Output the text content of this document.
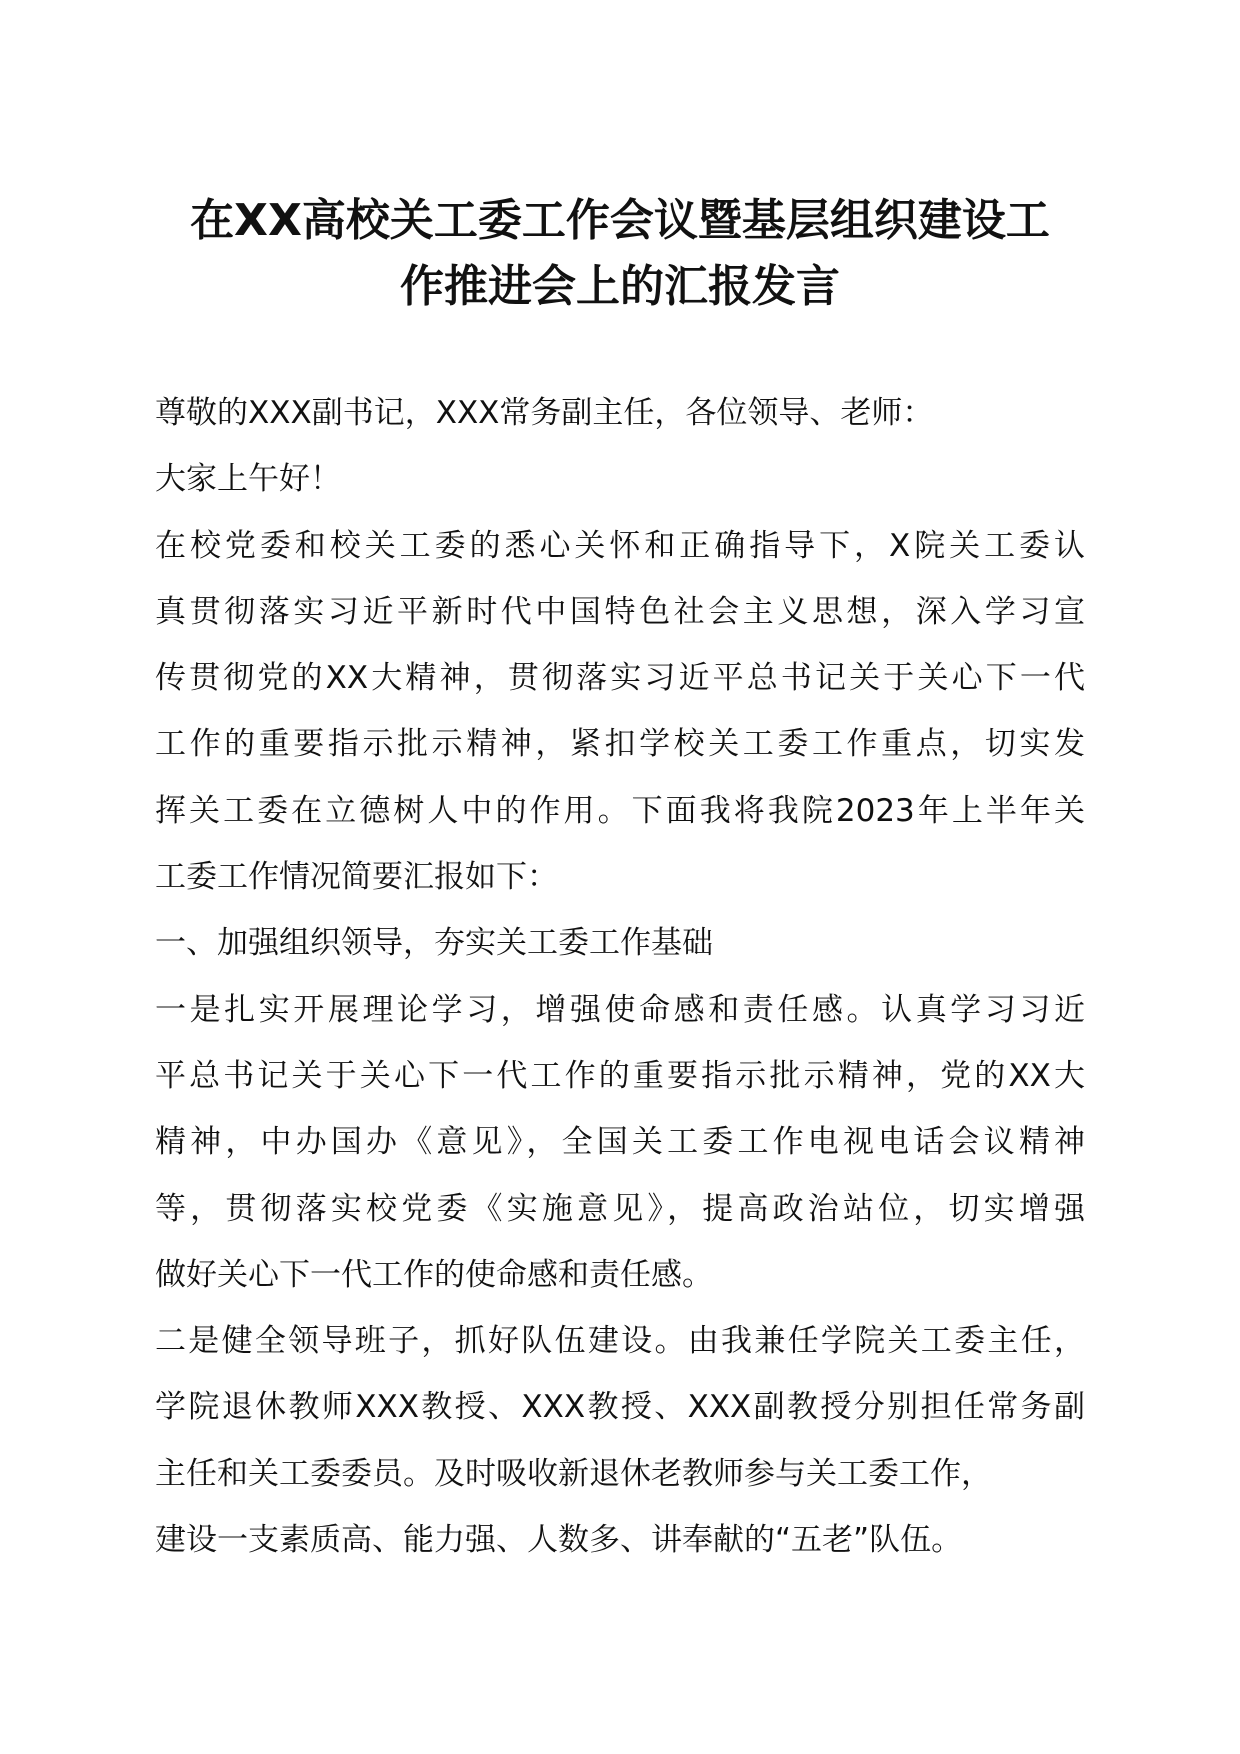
在XX高校关工委工作会议暨基层组织建设工
作推进会上的汇报发言
尊敬的XXX副书记，XXX常务副主任，各位领导、老师：
大家上午好！
在校党委和校关工委的悉心关怀和正确指导下，X院关工委认
真贯彻落实习近平新时代中国特色社会主义思想，深入学习宣
传贯彻党的XX大精神，贯彻落实习近平总书记关于关心下一代
工作的重要指示批示精神，紧扣学校关工委工作重点，切实发
挥关工委在立德树人中的作用。下面我将我院2023年上半年关
工委工作情况简要汇报如下：
一、加强组织领导，夯实关工委工作基础
一是扎实开展理论学习，增强使命感和责任感。认真学习习近
平总书记关于关心下一代工作的重要指示批示精神，党的XX大
精神，中办国办《意见》，全国关工委工作电视电话会议精神
等，贯彻落实校党委《实施意见》，提高政治站位，切实增强
做好关心下一代工作的使命感和责任感。
二是健全领导班子，抓好队伍建设。由我兼任学院关工委主任，
学院退休教师XXX教授、XXX教授、XXX副教授分别担任常务副
主任和关工委委员。及时吸收新退休老教师参与关工委工作，
建设一支素质高、能力强、人数多、讲奉献的“五老”队伍。
